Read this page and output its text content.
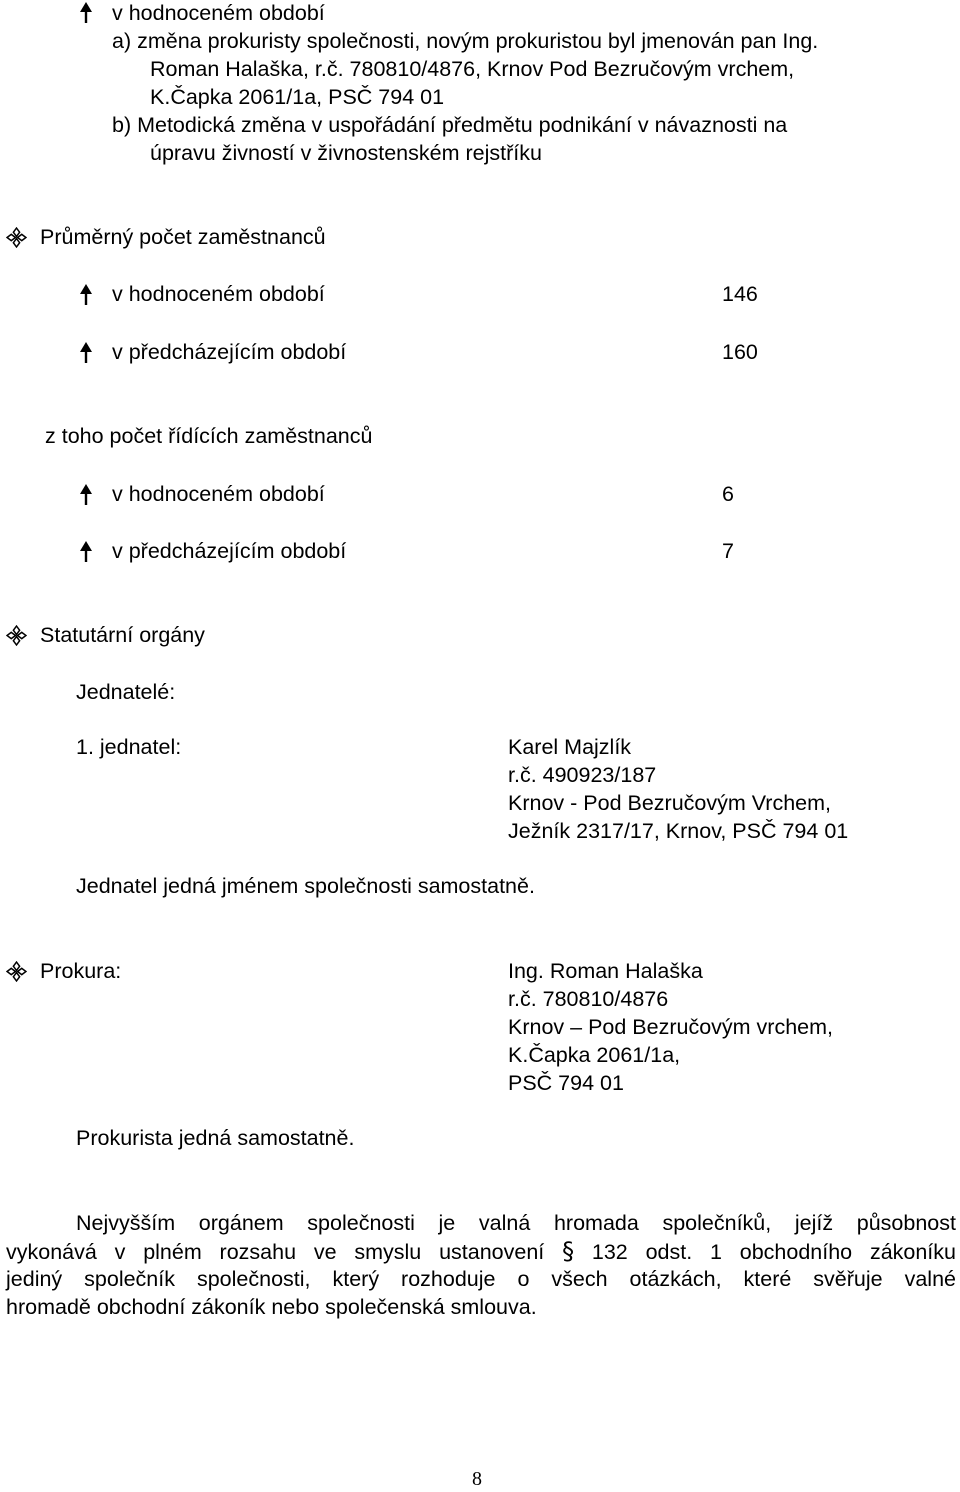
v hodnoceném období
a) změna prokuristy společnosti, novým prokuristou byl jmenován pan Ing.
Roman Halaška, r.č. 780810/4876, Krnov Pod Bezručovým vrchem,
K.Čapka 2061/1a, PSČ 794 01
b) Metodická změna v uspořádání předmětu podnikání v návaznosti na
úpravu živností v živnostenském rejstříku
Průměrný počet zaměstnanců
v hodnoceném období	146
v předcházejícím období	160
z toho počet řídících zaměstnanců
v hodnoceném období	6
v předcházejícím období	7
Statutární orgány
Jednatelé:
1. jednatel:	Karel Majzlík
r.č. 490923/187
Krnov - Pod Bezručovým Vrchem,
Ježník 2317/17, Krnov, PSČ 794 01
Jednatel jedná jménem společnosti samostatně.
Prokura:	Ing. Roman Halaška
r.č. 780810/4876
Krnov – Pod Bezručovým vrchem,
K.Čapka 2061/1a,
PSČ 794 01
Prokurista jedná samostatně.
Nejvyšším orgánem společnosti je valná hromada společníků, jejíž působnost
vykonává v plném rozsahu ve smyslu ustanovení § 132 odst. 1 obchodního zákoníku
jediný společník společnosti, který rozhoduje o všech otázkách, které svěřuje valné
hromadě obchodní zákoník nebo společenská smlouva.
8
